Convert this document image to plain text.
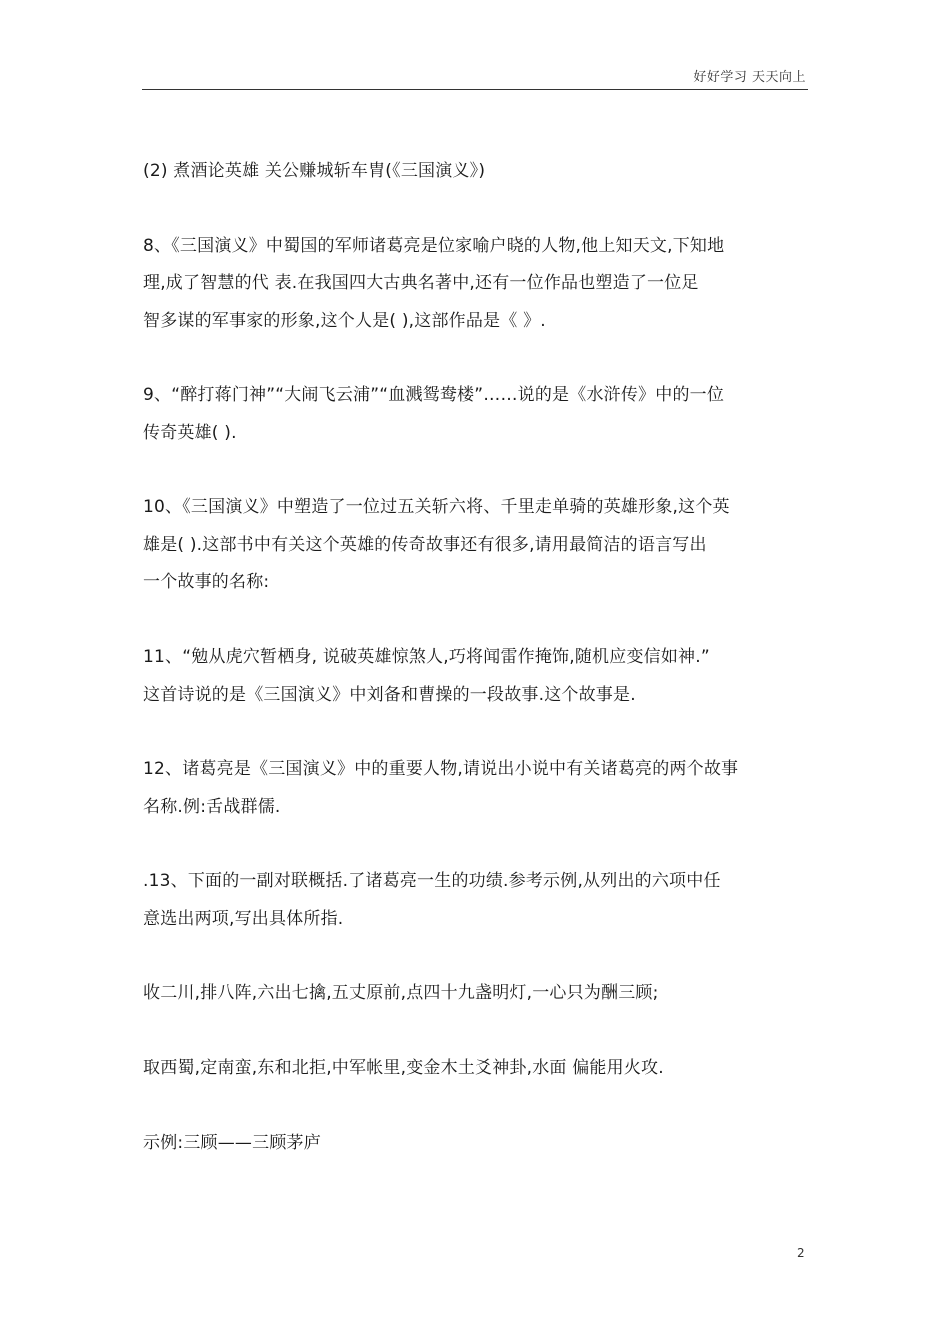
好好学习 天天向上
(2) 煮酒论英雄 关公赚城斩车胄(《三国演义》)
8、《三国演义》中蜀国的军师诸葛亮是位家喻户晓的人物,他上知天文,下知地
理,成了智慧的代 表.在我国四大古典名著中,还有一位作品也塑造了一位足
智多谋的军事家的形象,这个人是( ),这部作品是《 》.
9、“醉打蒋门神”“大闹飞云浦”“血溅鸳鸯楼”……说的是《水浒传》中的一位
传奇英雄( ).
10、《三国演义》中塑造了一位过五关斩六将、千里走单骑的英雄形象,这个英
雄是( ).这部书中有关这个英雄的传奇故事还有很多,请用最简洁的语言写出
一个故事的名称:
11、“勉从虎穴暂栖身, 说破英雄惊煞人,巧将闻雷作掩饰,随机应变信如神.”
这首诗说的是《三国演义》中刘备和曹操的一段故事.这个故事是.
12、诸葛亮是《三国演义》中的重要人物,请说出小说中有关诸葛亮的两个故事
名称.例:舌战群儒.
.13、下面的一副对联概括.了诸葛亮一生的功绩.参考示例,从列出的六项中任
意选出两项,写出具体所指.
收二川,排八阵,六出七擒,五丈原前,点四十九盏明灯,一心只为酬三顾;
取西蜀,定南蛮,东和北拒,中军帐里,变金木土爻神卦,水面 偏能用火攻.
示例:三顾——三顾茅庐
2
